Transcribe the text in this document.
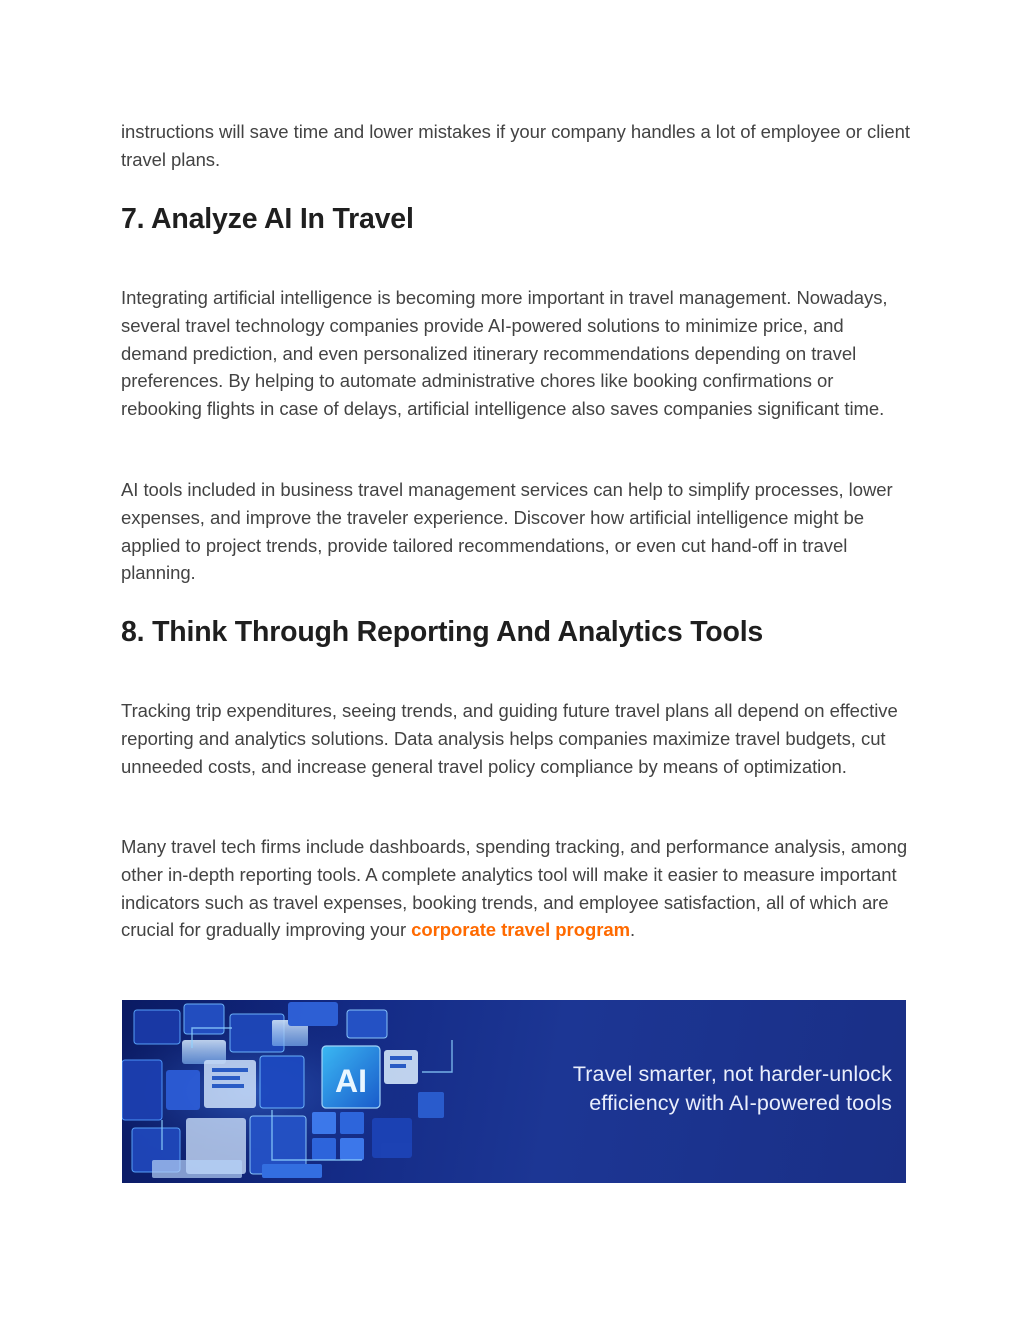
instructions will save time and lower mistakes if your company handles a lot of employee or client travel plans.

7. Analyze AI In Travel

Integrating artificial intelligence is becoming more important in travel management. Nowadays, several travel technology companies provide AI-powered solutions to minimize price, and demand prediction, and even personalized itinerary recommendations depending on travel preferences. By helping to automate administrative chores like booking confirmations or rebooking flights in case of delays, artificial intelligence also saves companies significant time.

AI tools included in business travel management services can help to simplify processes, lower expenses, and improve the traveler experience. Discover how artificial intelligence might be applied to project trends, provide tailored recommendations, or even cut hand-off in travel planning.

8. Think Through Reporting And Analytics Tools

Tracking trip expenditures, seeing trends, and guiding future travel plans all depend on effective reporting and analytics solutions. Data analysis helps companies maximize travel budgets, cut unneeded costs, and increase general travel policy compliance by means of optimization.

Many travel tech firms include dashboards, spending tracking, and performance analysis, among other in-depth reporting tools. A complete analytics tool will make it easier to measure important indicators such as travel expenses, booking trends, and employee satisfaction, all of which are crucial for gradually improving your corporate travel program.

AI	Travel smarter, not harder-unlock
efficiency with AI-powered tools
